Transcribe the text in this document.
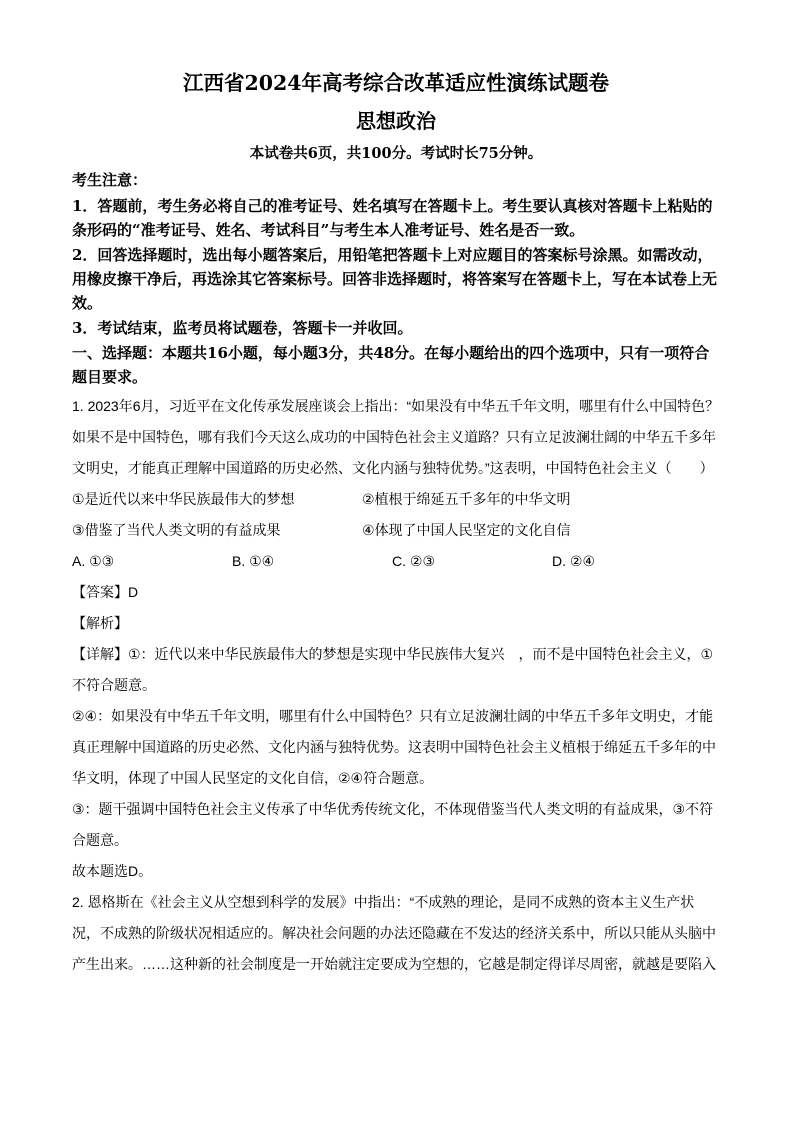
江西省2024年高考综合改革适应性演练试题卷
思想政治
本试卷共6页，共100分。考试时长75分钟。

考生注意：

1．答题前，考生务必将自己的准考证号、姓名填写在答题卡上。考生要认真核对答题卡上粘贴的条形码的“准考证号、姓名、考试科目”与考生本人准考证号、姓名是否一致。

2．回答选择题时，选出每小题答案后，用铅笔把答题卡上对应题目的答案标号涂黑。如需改动，用橡皮擦干净后，再选涂其它答案标号。回答非选择题时，将答案写在答题卡上，写在本试卷上无效。

3．考试结束，监考员将试题卷，答题卡一并收回。

一、选择题：本题共16小题，每小题3分，共48分。在每小题给出的四个选项中，只有一项符合题目要求。

1. 2023年6月，习近平在文化传承发展座谈会上指出：“如果没有中华五千年文明，哪里有什么中国特色？如果不是中国特色，哪有我们今天这么成功的中国特色社会主义道路？只有立足波澜壮阔的中华五千多年文明史，才能真正理解中国道路的历史必然、文化内涵与独特优势。”这表明，中国特色社会主义（　　）

①是近代以来中华民族最伟大的梦想	②植根于绵延五千多年的中华文明
③借鉴了当代人类文明的有益成果	④体现了中国人民坚定的文化自信
A. ①③	B. ①④	C. ②③	D. ②④

【答案】D

【解析】

【详解】①：近代以来中华民族最伟大的梦想是实现中华民族伟大复兴　，而不是中国特色社会主义，①不符合题意。

②④：如果没有中华五千年文明，哪里有什么中国特色？只有立足波澜壮阔的中华五千多年文明史，才能真正理解中国道路的历史必然、文化内涵与独特优势。这表明中国特色社会主义植根于绵延五千多年的中华文明，体现了中国人民坚定的文化自信，②④符合题意。

③：题干强调中国特色社会主义传承了中华优秀传统文化，不体现借鉴当代人类文明的有益成果，③不符合题意。

故本题选D。

2. 恩格斯在《社会主义从空想到科学的发展》中指出：“不成熟的理论，是同不成熟的资本主义生产状况，不成熟的阶级状况相适应的。解决社会问题的办法还隐藏在不发达的经济关系中，所以只能从头脑中产生出来。……这种新的社会制度是一开始就注定要成为空想的，它越是制定得详尽周密，就越是要陷入
